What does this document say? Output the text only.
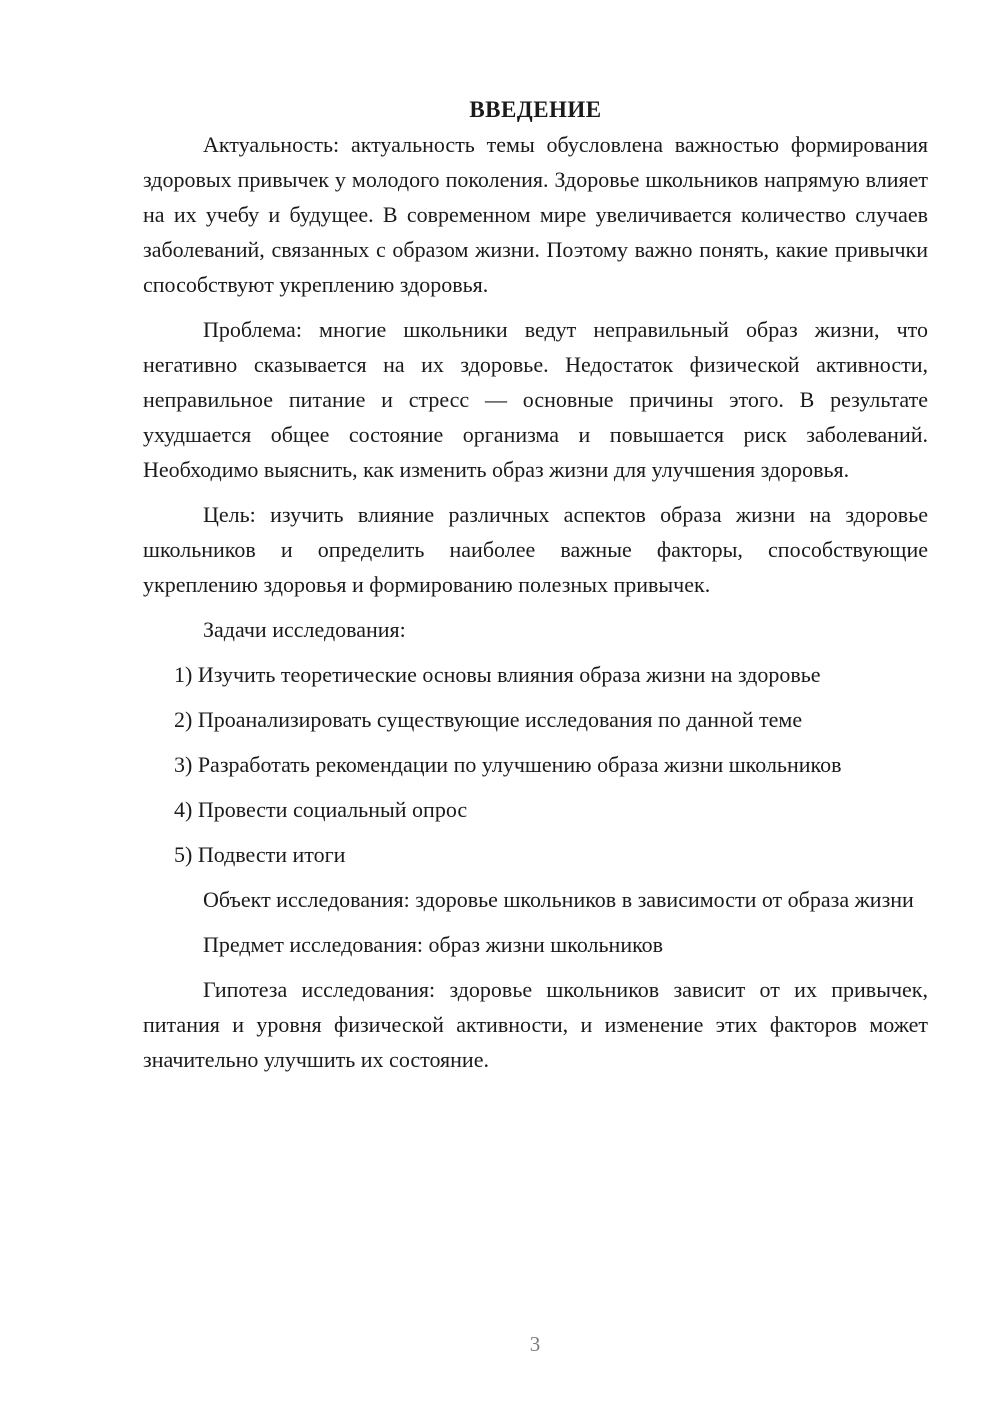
ВВЕДЕНИЕ

Актуальность: актуальность темы обусловлена важностью формирования здоровых привычек у молодого поколения. Здоровье школьников напрямую влияет на их учебу и будущее. В современном мире увеличивается количество случаев заболеваний, связанных с образом жизни. Поэтому важно понять, какие привычки способствуют укреплению здоровья.

Проблема: многие школьники ведут неправильный образ жизни, что негативно сказывается на их здоровье. Недостаток физической активности, неправильное питание и стресс — основные причины этого. В результате ухудшается общее состояние организма и повышается риск заболеваний. Необходимо выяснить, как изменить образ жизни для улучшения здоровья.

Цель: изучить влияние различных аспектов образа жизни на здоровье школьников и определить наиболее важные факторы, способствующие укреплению здоровья и формированию полезных привычек.

Задачи исследования:

1) Изучить теоретические основы влияния образа жизни на здоровье

2) Проанализировать существующие исследования по данной теме

3) Разработать рекомендации по улучшению образа жизни школьников

4) Провести социальный опрос

5) Подвести итоги

Объект исследования: здоровье школьников в зависимости от образа жизни

Предмет исследования: образ жизни школьников

Гипотеза исследования: здоровье школьников зависит от их привычек, питания и уровня физической активности, и изменение этих факторов может значительно улучшить их состояние.

3
